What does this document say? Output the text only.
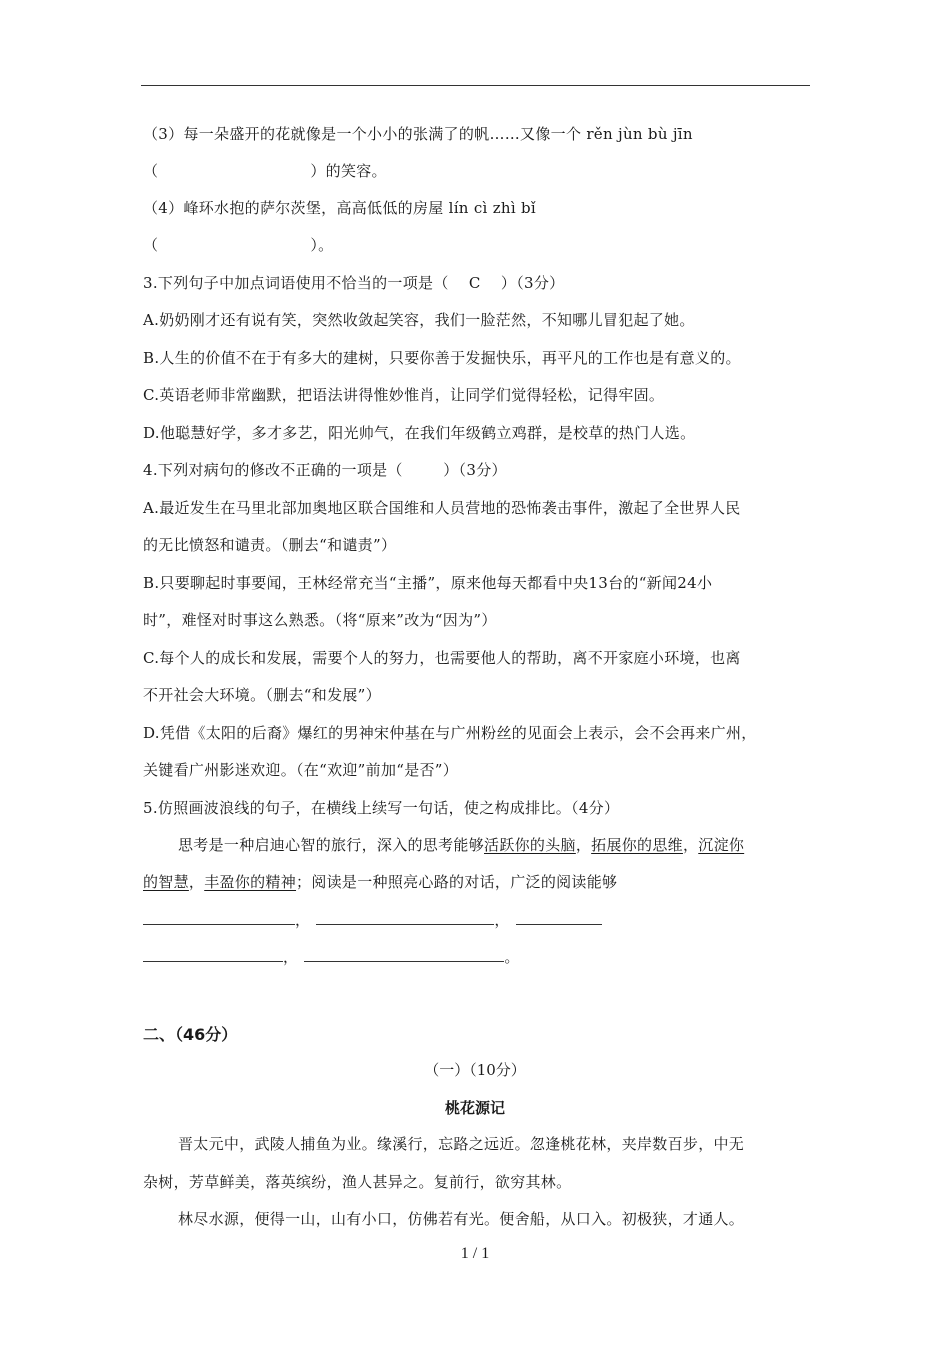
（3）每一朵盛开的花就像是一个小小的张满了的帆……又像一个 rěn jùn bù jīn
（                              ）的笑容。
（4）峰环水抱的萨尔茨堡，高高低低的房屋 lín cì zhì bǐ
（                              ）。
3.下列句子中加点词语使用不恰当的一项是（    C    ）（3分）
A.奶奶刚才还有说有笑，突然收敛起笑容，我们一脸茫然，不知哪儿冒犯起了她。
B.人生的价值不在于有多大的建树，只要你善于发掘快乐，再平凡的工作也是有意义的。
C.英语老师非常幽默，把语法讲得惟妙惟肖，让同学们觉得轻松，记得牢固。
D.他聪慧好学，多才多艺，阳光帅气，在我们年级鹤立鸡群，是校草的热门人选。
4.下列对病句的修改不正确的一项是（        ）（3分）
A.最近发生在马里北部加奥地区联合国维和人员营地的恐怖袭击事件，激起了全世界人民
的无比愤怒和谴责。（删去“和谴责”）
B.只要聊起时事要闻，王林经常充当“主播”，原来他每天都看中央13台的“新闻24小
时”，难怪对时事这么熟悉。（将“原来”改为“因为”）
C.每个人的成长和发展，需要个人的努力，也需要他人的帮助，离不开家庭小环境，也离
不开社会大环境。（删去“和发展”）
D.凭借《太阳的后裔》爆红的男神宋仲基在与广州粉丝的见面会上表示，会不会再来广州，
关键看广州影迷欢迎。（在“欢迎”前加“是否”）
5.仿照画波浪线的句子，在横线上续写一句话，使之构成排比。（4分）
思考是一种启迪心智的旅行，深入的思考能够活跃你的头脑，拓展你的思维，沉淀你
的智慧，丰盈你的精神；阅读是一种照亮心路的对话，广泛的阅读能够
，	，
，	。
二、（46分）
（一）（10分）
桃花源记
晋太元中，武陵人捕鱼为业。缘溪行，忘路之远近。忽逢桃花林，夹岸数百步，中无
杂树，芳草鲜美，落英缤纷，渔人甚异之。复前行，欲穷其林。
林尽水源，便得一山，山有小口，仿佛若有光。便舍船，从口入。初极狭，才通人。
1 / 1
